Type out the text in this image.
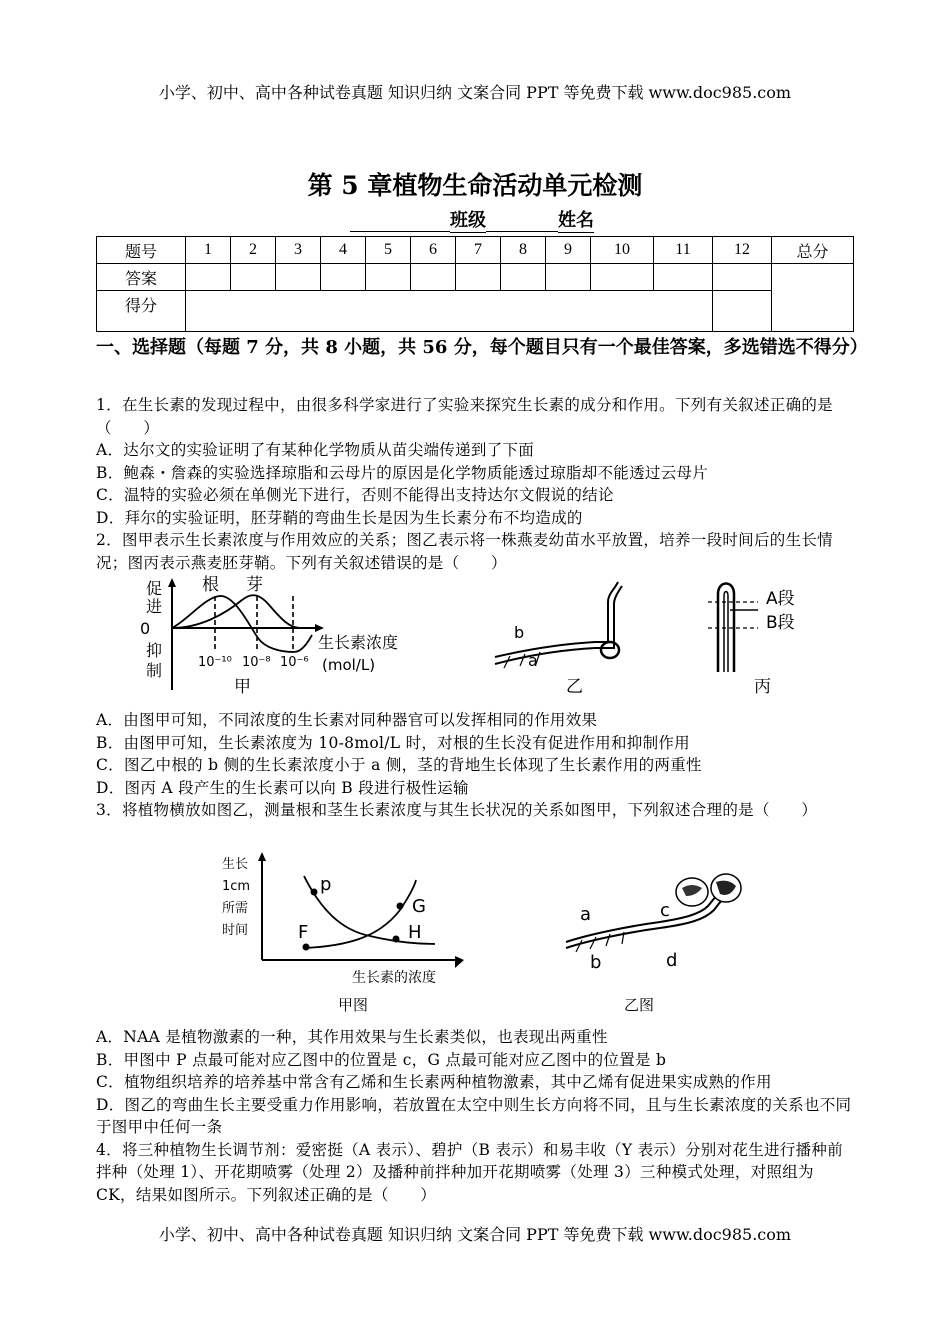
小学、初中、高中各种试卷真题 知识归纳 文案合同 PPT 等免费下载 www.doc985.com
第 5 章植物生命活动单元检测
班级	姓名
题号	1	2	3	4	5	6	7	8	9	10	11	12	总分
答案													
得分													
一、选择题（每题 7 分，共 8 小题，共 56 分，每个题目只有一个最佳答案，多选错选不得分）
1．在生长素的发现过程中，由很多科学家进行了实验来探究生长素的成分和作用。下列有关叙述正确的是（　　）
A．达尔文的实验证明了有某种化学物质从苗尖端传递到了下面
B．鲍森・詹森的实验选择琼脂和云母片的原因是化学物质能透过琼脂却不能透过云母片
C．温特的实验必须在单侧光下进行，否则不能得出支持达尔文假说的结论
D．拜尔的实验证明，胚芽鞘的弯曲生长是因为生长素分布不均造成的
2．图甲表示生长素浓度与作用效应的关系；图乙表示将一株燕麦幼苗水平放置，培养一段时间后的生长情况；图丙表示燕麦胚芽鞘。下列有关叙述错误的是（　　）
促
进
0
抑
制
根 芽
生长素浓度
(mol/L)
10⁻¹⁰ 10⁻⁸ 10⁻⁶
甲
b
a
乙
A段
B段
丙
A．由图甲可知，不同浓度的生长素对同种器官可以发挥相同的作用效果
B．由图甲可知，生长素浓度为 10-8mol/L 时，对根的生长没有促进作用和抑制作用
C．图乙中根的 b 侧的生长素浓度小于 a 侧，茎的背地生长体现了生长素作用的两重性
D．图丙 A 段产生的生长素可以向 B 段进行极性运输
3．将植物横放如图乙，测量根和茎生长素浓度与其生长状况的关系如图甲，下列叙述合理的是（　　）
生长
1cm
所需
时间
p
G
F	H
生长素的浓度
甲图
a
b
c
d
乙图
A．NAA 是植物激素的一种，其作用效果与生长素类似，也表现出两重性
B．甲图中 P 点最可能对应乙图中的位置是 c，G 点最可能对应乙图中的位置是 b
C．植物组织培养的培养基中常含有乙烯和生长素两种植物激素，其中乙烯有促进果实成熟的作用
D．图乙的弯曲生长主要受重力作用影响，若放置在太空中则生长方向将不同，且与生长素浓度的关系也不同于图甲中任何一条
4．将三种植物生长调节剂：爱密挺（A 表示）、碧护（B 表示）和易丰收（Y 表示）分别对花生进行播种前拌种（处理 1）、开花期喷雾（处理 2）及播种前拌种加开花期喷雾（处理 3）三种模式处理，对照组为 CK，结果如图所示。下列叙述正确的是（　　）
小学、初中、高中各种试卷真题 知识归纳 文案合同 PPT 等免费下载 www.doc985.com
